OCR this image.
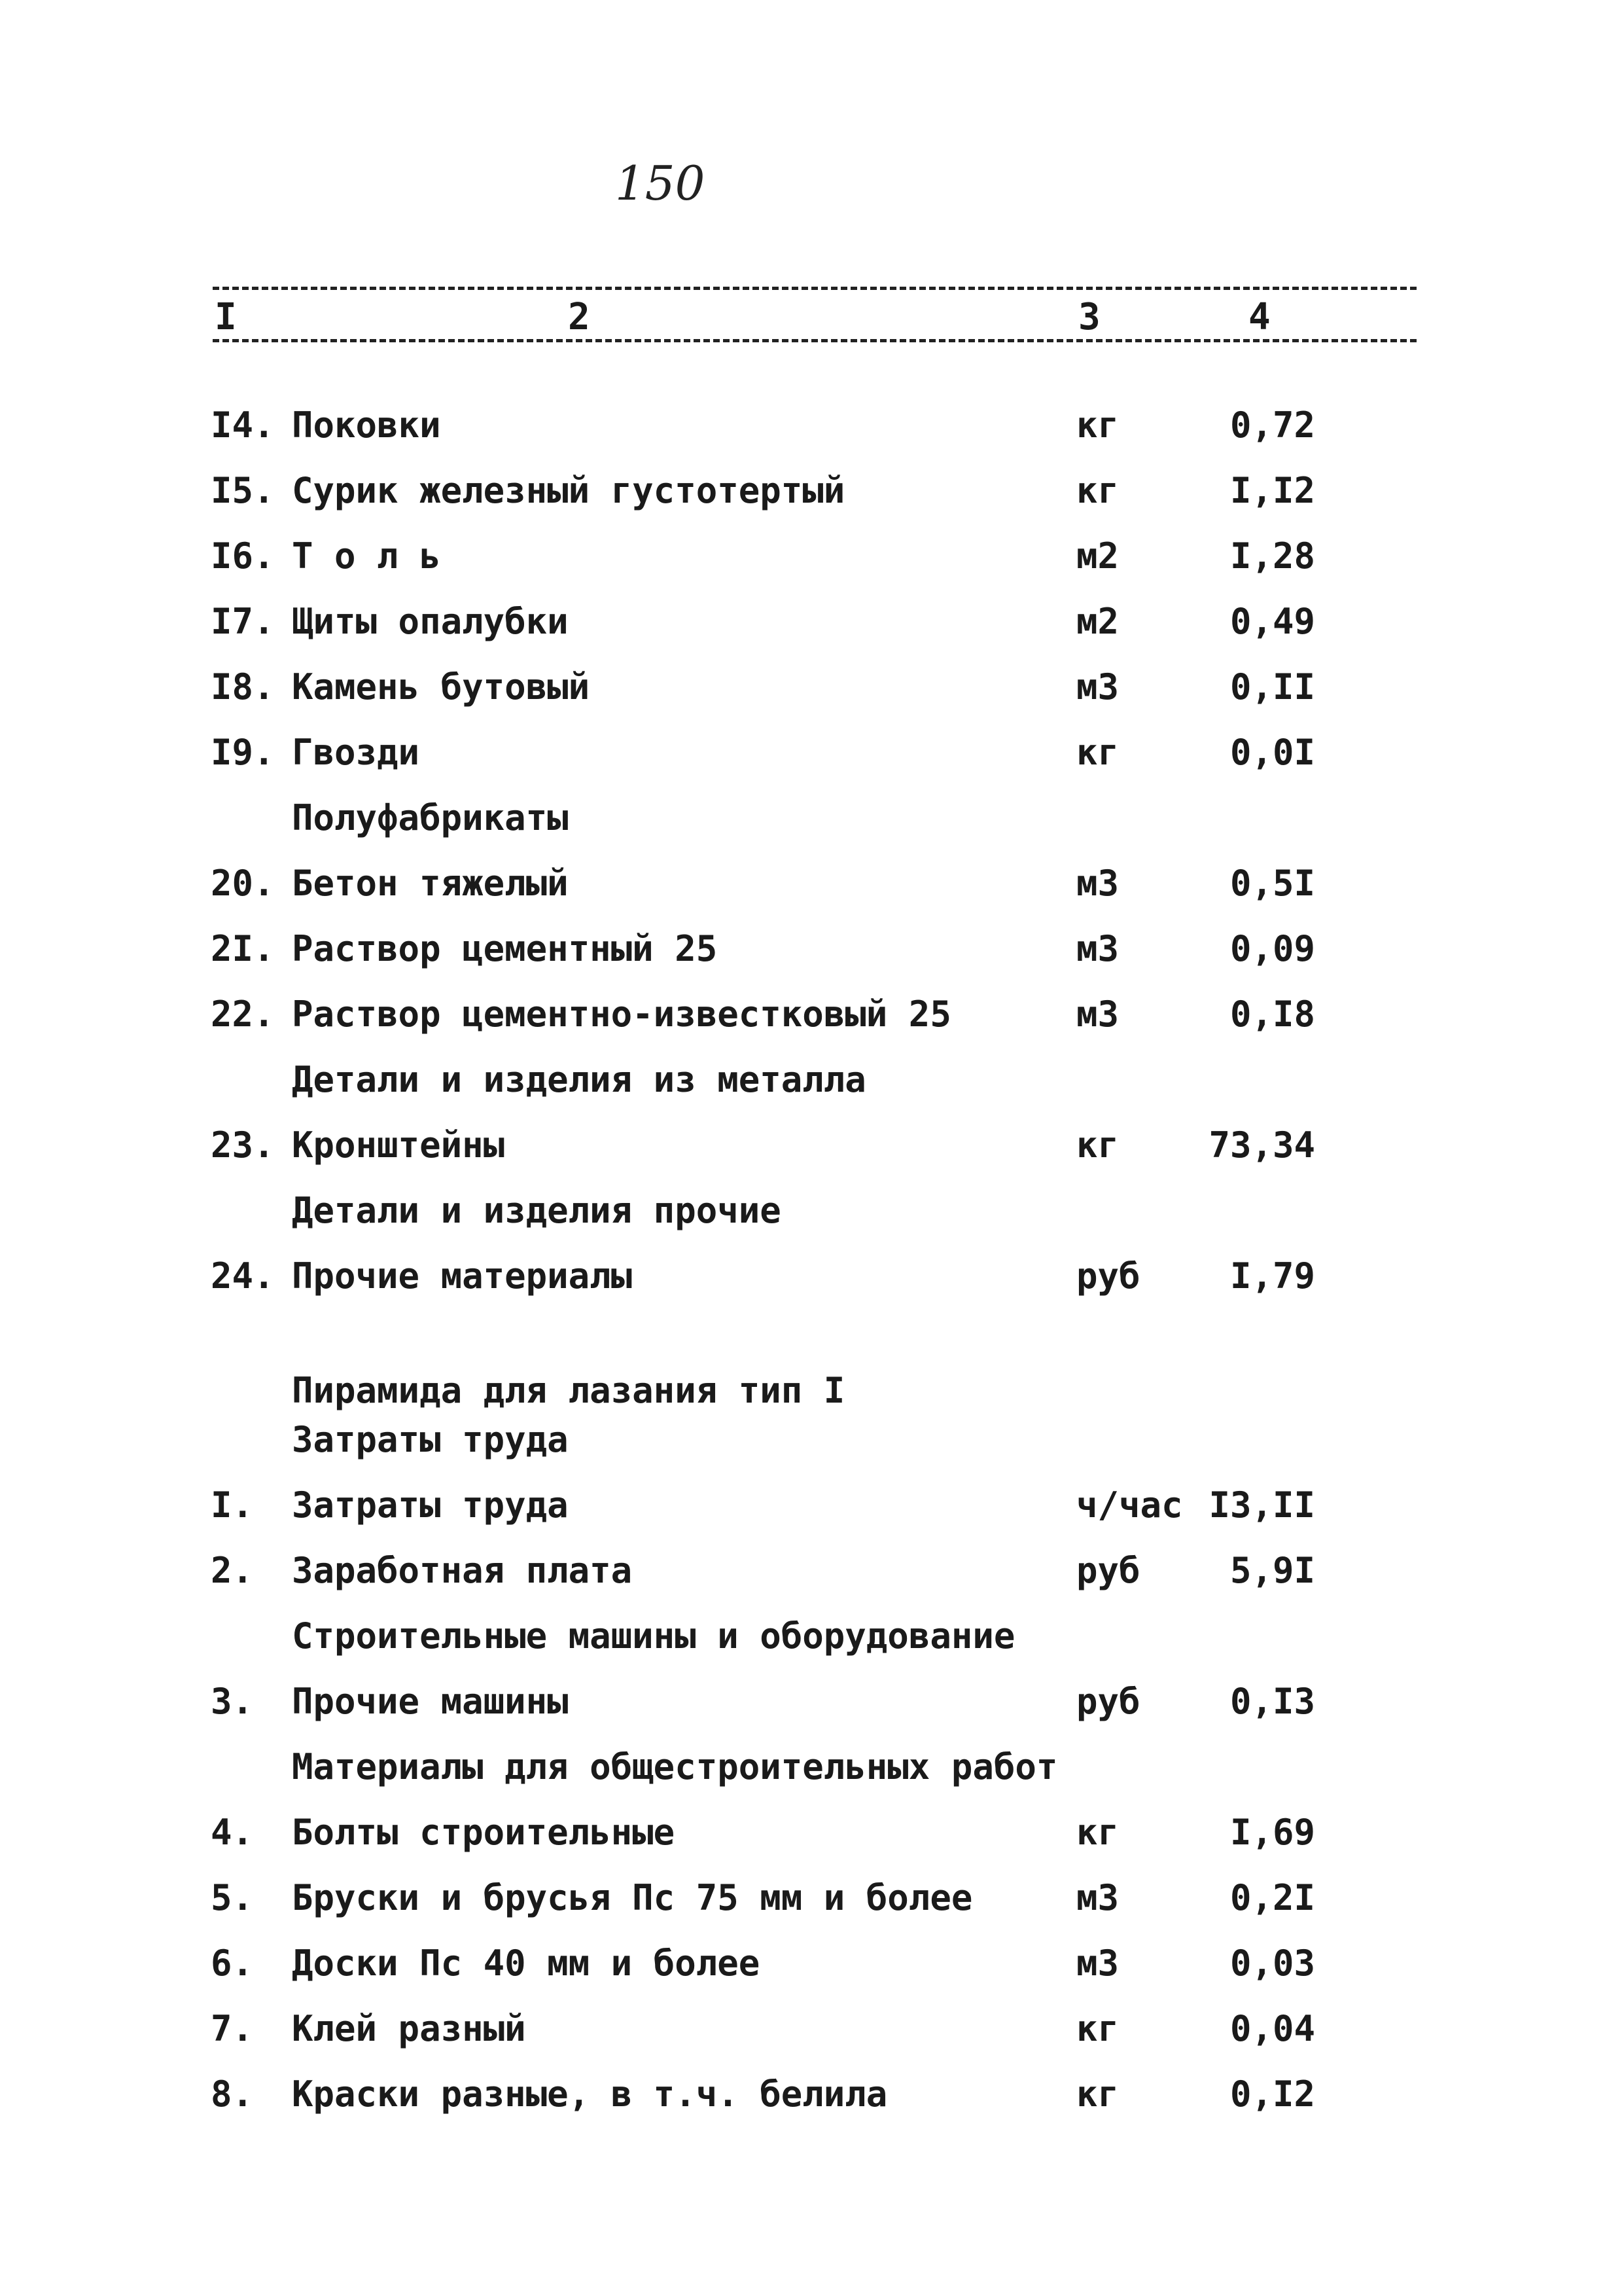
150
I	2	3	4
I4. Поковки	кг	0,72
I5. Сурик железный густотертый	кг	I,I2
I6. Т о л ь	м2	I,28
I7. Щиты опалубки	м2	0,49
I8. Камень бутовый	м3	0,II
I9. Гвозди	кг	0,0I
Полуфабрикаты
20. Бетон тяжелый	м3	0,5I
2I. Раствор цементный 25	м3	0,09
22. Раствор цементно-известковый 25	м3	0,I8
Детали и изделия из металла
23. Кронштейны	кг	73,34
Детали и изделия прочие
24. Прочие материалы	руб	I,79
Пирамида для лазания тип I
Затраты труда
I.	Затраты труда	ч/час I3,II
2.	Заработная плата	руб	5,9I
Строительные машины и оборудование
3.	Прочие машины	руб	0,I3
Материалы для общестроительных работ
4.	Болты строительные	кг	I,69
5.	Бруски и брусья Пс 75 мм и более	м3	0,2I
6.	Доски Пс 40 мм и более	м3	0,03
7.	Клей разный	кг	0,04
8.	Краски разные, в т.ч. белила	кг	0,I2
